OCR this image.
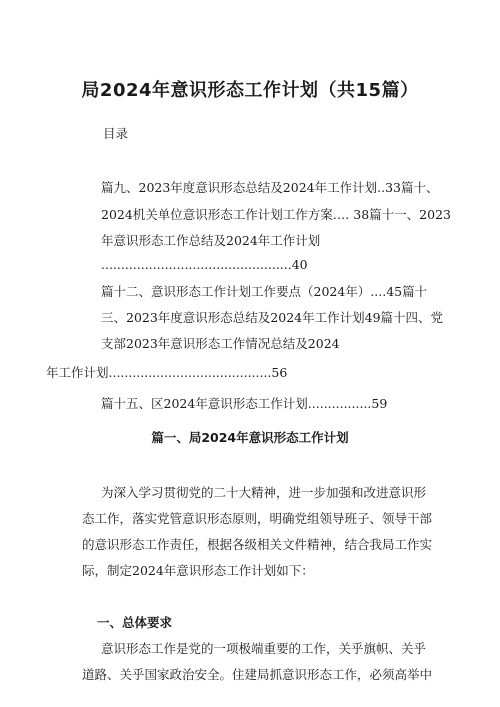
局2024年意识形态工作计划（共15篇）
目录
篇九、2023年度意识形态总结及2024年工作计划..33篇十、
2024机关单位意识形态工作计划工作方案…. 38篇十一、2023
年意识形态工作总结及2024年工作计划
................................................40
篇十二、意识形态工作计划工作要点（2024年）....45篇十
三、2023年度意识形态总结及2024年工作计划49篇十四、党
支部2023年意识形态工作情况总结及2024
年工作计划.........................................56
篇十五、区2024年意识形态工作计划................59
篇一、局2024年意识形态工作计划
为深入学习贯彻党的二十大精神，进一步加强和改进意识形
态工作，落实党管意识形态原则，明确党组领导班子、领导干部
的意识形态工作责任，根据各级相关文件精神，结合我局工作实
际，制定2024年意识形态工作计划如下：
一、总体要求
意识形态工作是党的一项极端重要的工作，关乎旗帜、关乎
道路、关乎国家政治安全。住建局抓意识形态工作，必须高举中
